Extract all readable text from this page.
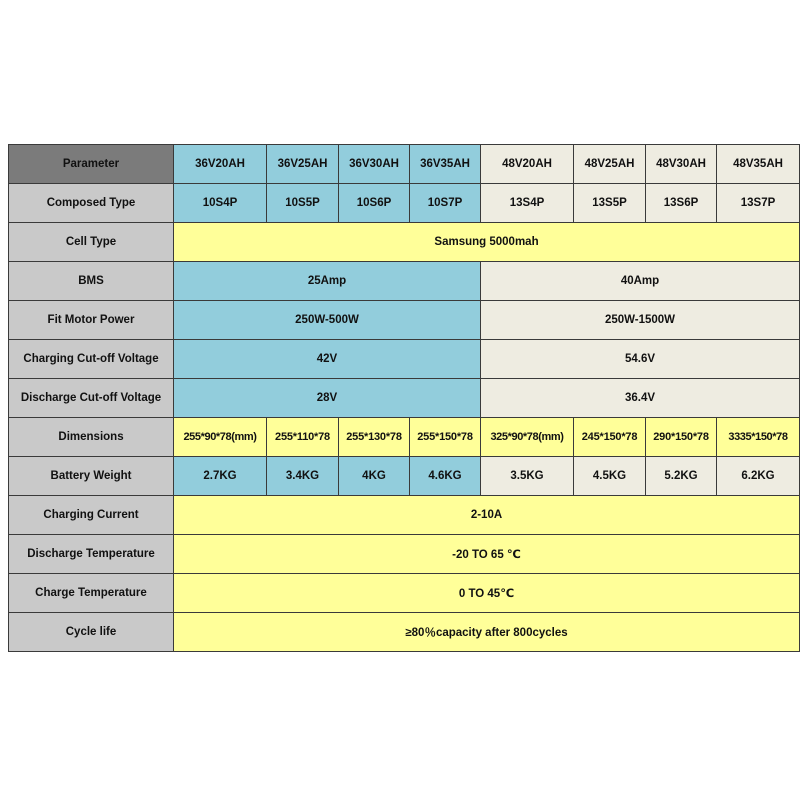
Parameter	36V20AH	36V25AH	36V30AH	36V35AH	48V20AH	48V25AH	48V30AH	48V35AH
Composed Type	10S4P	10S5P	10S6P	10S7P	13S4P	13S5P	13S6P	13S7P
Cell Type	Samsung 5000mah							
BMS	25Amp				40Amp			
Fit Motor Power	250W-500W				250W-1500W			
Charging Cut-off Voltage	42V				54.6V			
Discharge Cut-off Voltage	28V				36.4V			
Dimensions	255*90*78(mm)	255*110*78	255*130*78	255*150*78	325*90*78(mm)	245*150*78	290*150*78	3335*150*78
Battery Weight	2.7KG	3.4KG	4KG	4.6KG	3.5KG	4.5KG	5.2KG	6.2KG
Charging Current	2-10A							
Discharge Temperature	-20 TO 65 ℃							
Charge Temperature	0 TO 45℃							
Cycle life	≥80％capacity after 800cycles							
